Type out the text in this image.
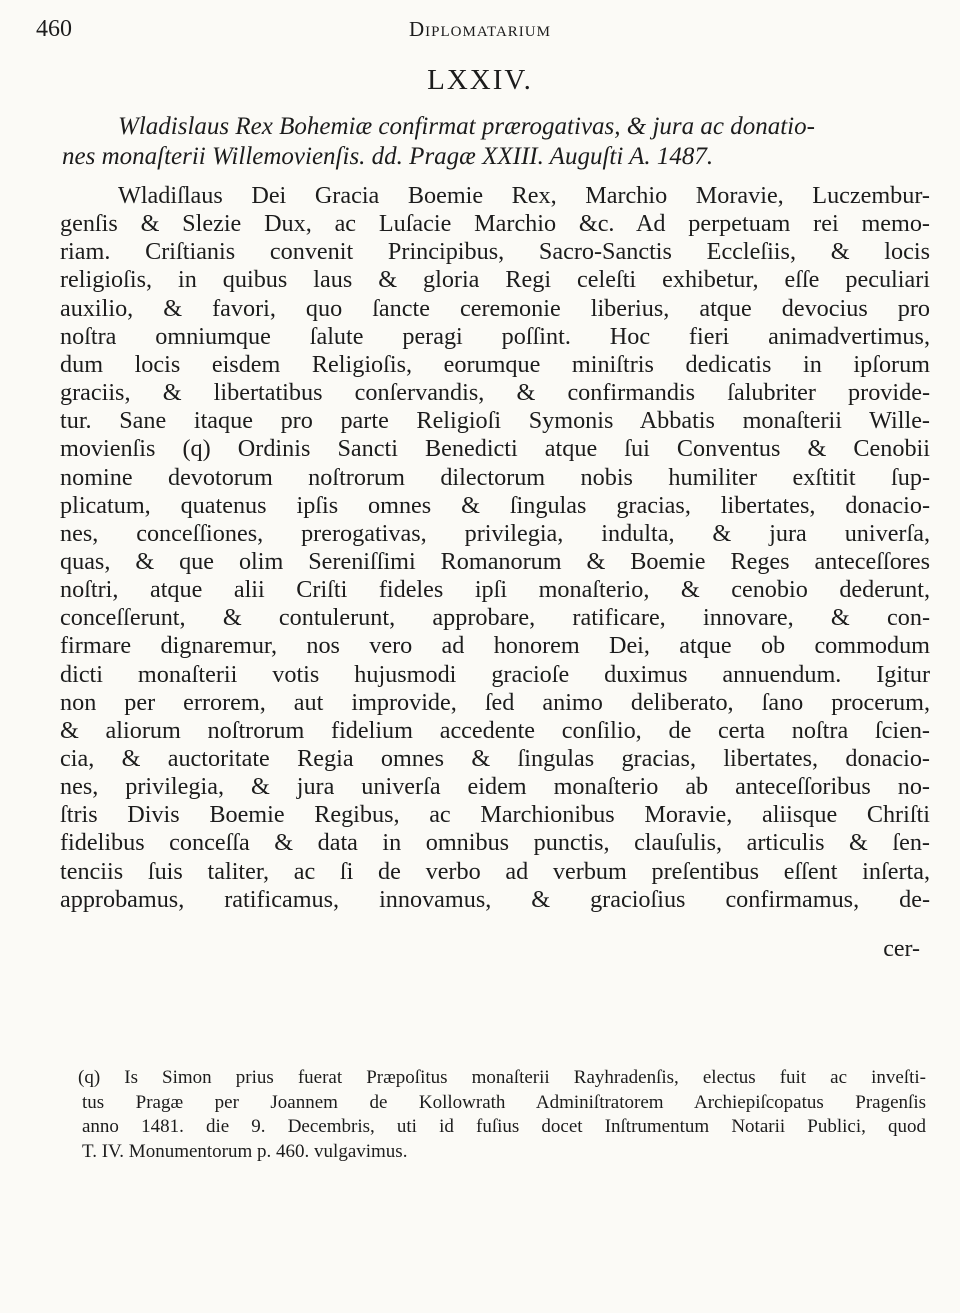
460	Diplomatarium
LXXIV.
Wladislaus Rex Bohemiæ confirmat prærogativas, & jura ac donatio-
nes monaſterii Willemovienſis. dd. Pragæ XXIII. Auguſti A. 1487.
Wladiſlaus Dei Gracia Boemie Rex, Marchio Moravie, Luczembur-
genſis & Slezie Dux, ac Luſacie Marchio &c. Ad perpetuam rei memo-
riam. Criſtianis convenit Principibus, Sacro-Sanctis Eccleſiis, & locis
religioſis, in quibus laus & gloria Regi celeſti exhibetur, eſſe peculiari
auxilio, & favori, quo ſancte ceremonie liberius, atque devocius pro
noſtra omniumque ſalute peragi poſſint. Hoc fieri animadvertimus,
dum locis eisdem Religioſis, eorumque miniſtris dedicatis in ipſorum
graciis, & libertatibus conſervandis, & confirmandis ſalubriter provide-
tur. Sane itaque pro parte Religioſi Symonis Abbatis monaſterii Wille-
movienſis (q) Ordinis Sancti Benedicti atque ſui Conventus & Cenobii
nomine devotorum noſtrorum dilectorum nobis humiliter exſtitit ſup-
plicatum, quatenus ipſis omnes & ſingulas gracias, libertates, donacio-
nes, conceſſiones, prerogativas, privilegia, indulta, & jura univerſa,
quas, & que olim Sereniſſimi Romanorum & Boemie Reges anteceſſores
noſtri, atque alii Criſti fideles ipſi monaſterio, & cenobio dederunt,
conceſſerunt, & contulerunt, approbare, ratificare, innovare, & con-
firmare dignaremur, nos vero ad honorem Dei, atque ob commodum
dicti monaſterii votis hujusmodi gracioſe duximus annuendum. Igitur
non per errorem, aut improvide, ſed animo deliberato, ſano procerum,
& aliorum noſtrorum fidelium accedente conſilio, de certa noſtra ſcien-
cia, & auctoritate Regia omnes & ſingulas gracias, libertates, donacio-
nes, privilegia, & jura univerſa eidem monaſterio ab anteceſſoribus no-
ſtris Divis Boemie Regibus, ac Marchionibus Moravie, aliisque Chriſti
fidelibus conceſſa & data in omnibus punctis, clauſulis, articulis & ſen-
tenciis ſuis taliter, ac ſi de verbo ad verbum preſentibus eſſent inſerta,
approbamus, ratificamus, innovamus, & gracioſius confirmamus, de-
cer-
(q) Is Simon prius fuerat Præpoſitus monaſterii Rayhradenſis, electus fuit ac inveſti-
tus Pragæ per Joannem de Kollowrath Adminiſtratorem Archiepiſcopatus Pragenſis
anno 1481. die 9. Decembris, uti id fuſius docet Inſtrumentum Notarii Publici, quod
T. IV. Monumentorum p. 460. vulgavimus.
